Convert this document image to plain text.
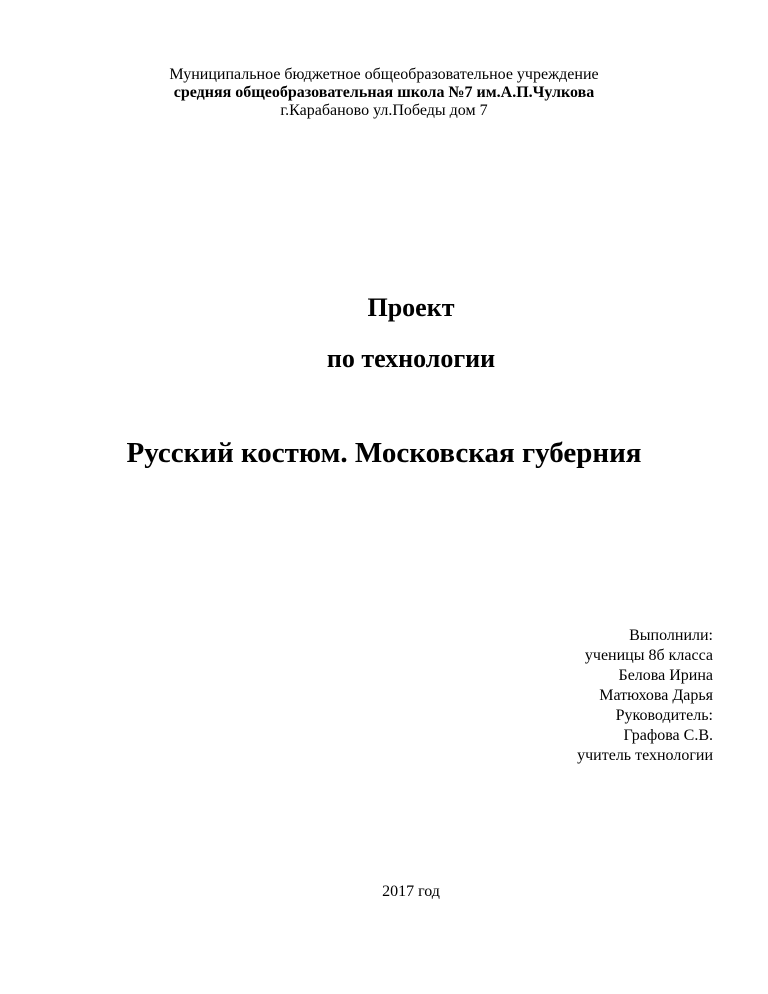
Муниципальное бюджетное общеобразовательное учреждение
средняя общеобразовательная школа №7 им.А.П.Чулкова
г.Карабаново ул.Победы дом 7
Проект
по технологии
Русский костюм. Московская губерния
Выполнили:
ученицы 8б класса
Белова Ирина
Матюхова Дарья
Руководитель:
Графова С.В.
учитель технологии
2017 год
